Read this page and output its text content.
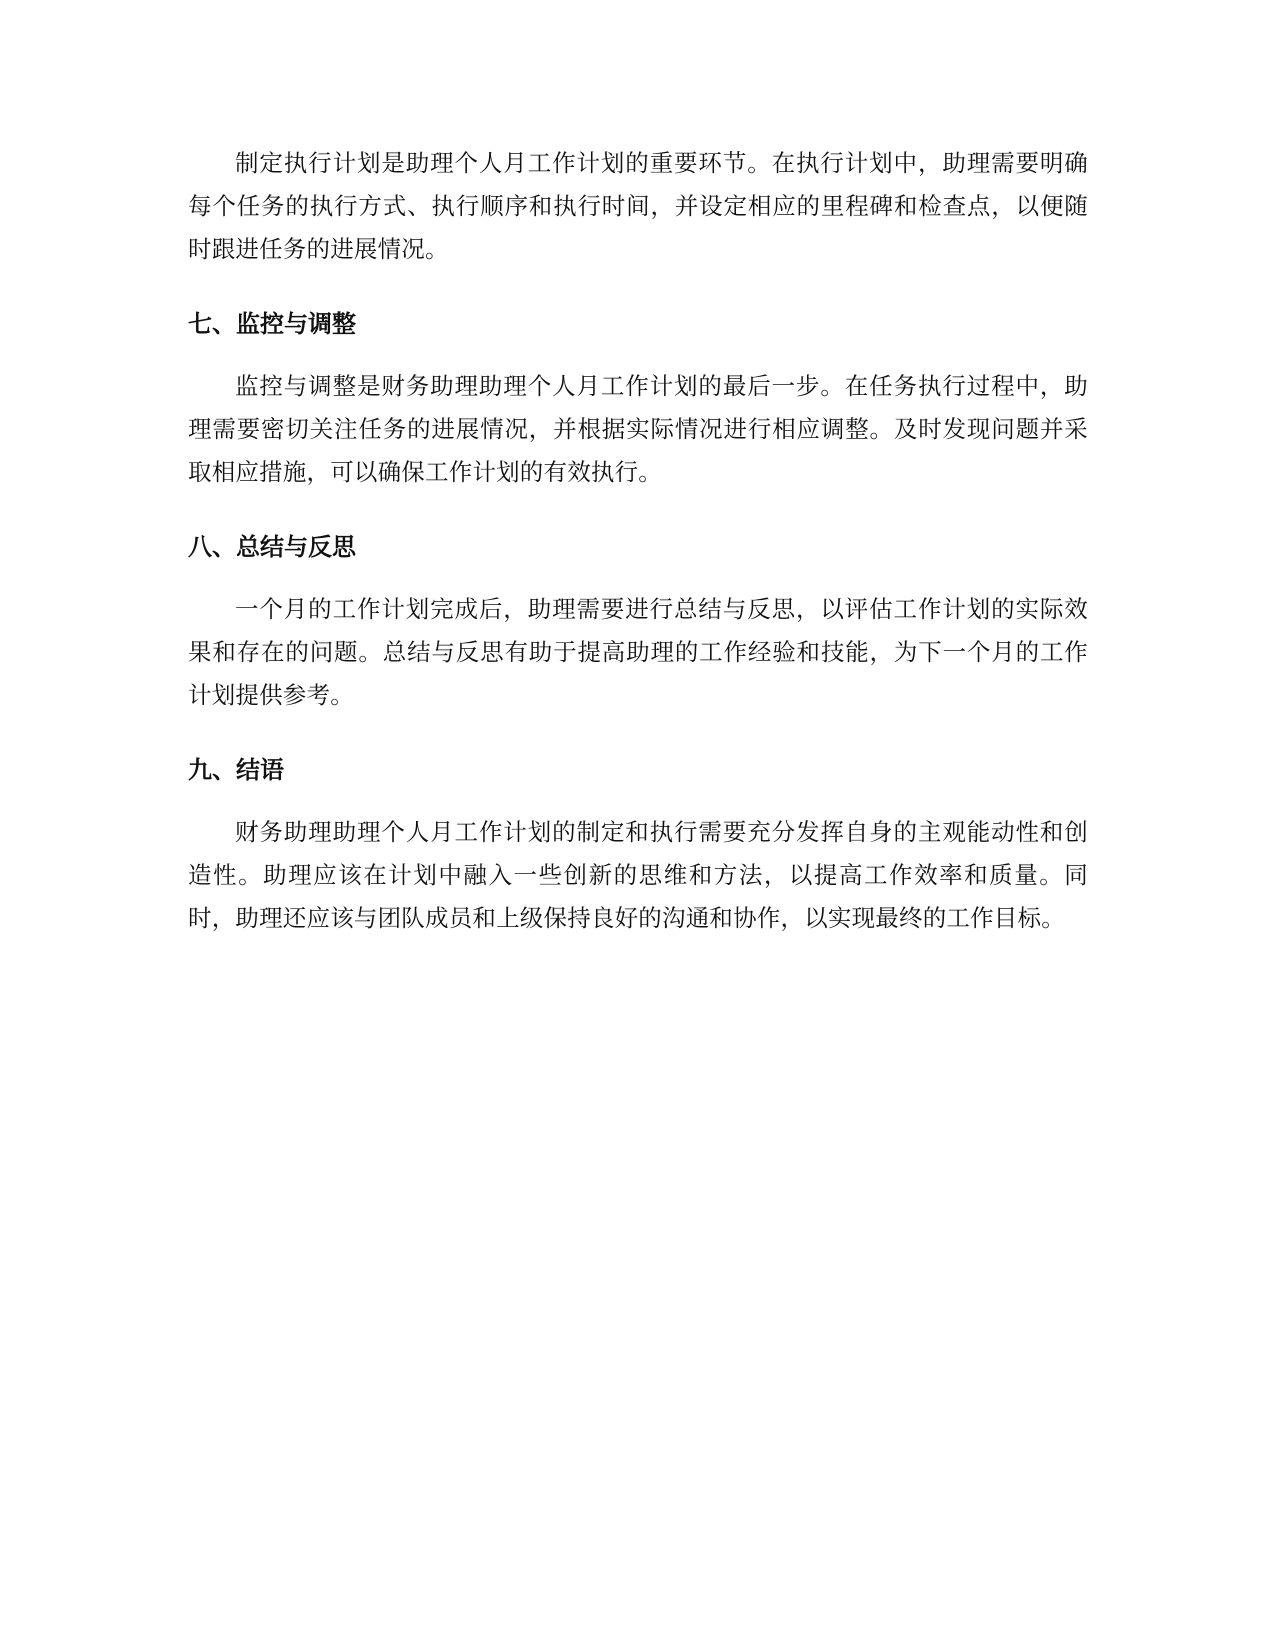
制定执行计划是助理个人月工作计划的重要环节。在执行计划中，助理需要明确每个任务的执行方式、执行顺序和执行时间，并设定相应的里程碑和检查点，以便随时跟进任务的进展情况。

七、监控与调整

监控与调整是财务助理助理个人月工作计划的最后一步。在任务执行过程中，助理需要密切关注任务的进展情况，并根据实际情况进行相应调整。及时发现问题并采取相应措施，可以确保工作计划的有效执行。

八、总结与反思

一个月的工作计划完成后，助理需要进行总结与反思，以评估工作计划的实际效果和存在的问题。总结与反思有助于提高助理的工作经验和技能，为下一个月的工作计划提供参考。

九、结语

财务助理助理个人月工作计划的制定和执行需要充分发挥自身的主观能动性和创造性。助理应该在计划中融入一些创新的思维和方法，以提高工作效率和质量。同时，助理还应该与团队成员和上级保持良好的沟通和协作，以实现最终的工作目标。
